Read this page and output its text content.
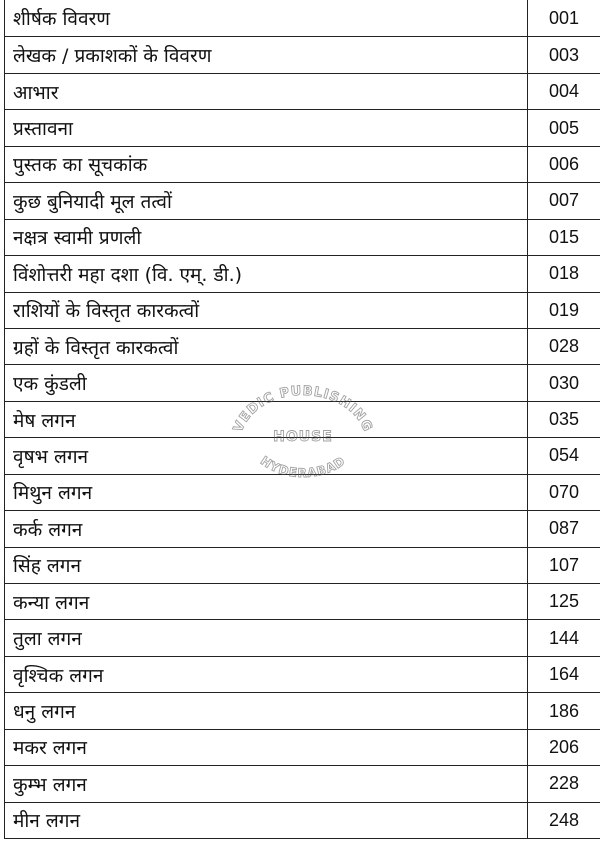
शीर्षक विवरण	001
लेखक / प्रकाशकों के विवरण	003
आभार	004
प्रस्तावना	005
पुस्तक का सूचकांक	006
कुछ बुनियादी मूल तत्वों	007
नक्षत्र स्वामी प्रणली	015
विंशोत्तरी महा दशा (वि. एम्. डी.)	018
राशियों के विस्तृत कारकत्वों	019
ग्रहों के विस्तृत कारकत्वों	028
एक कुंडली	030
मेष लगन	035
वृषभ लगन	054
मिथुन लगन	070
कर्क लगन	087
सिंह लगन	107
कन्या लगन	125
तुला लगन	144
वृश्चिक लगन	164
धनु लगन	186
मकर लगन	206
कुम्भ लगन	228
मीन लगन	248
VEDIC PUBLISHING
HOUSE
HYDERABAD
